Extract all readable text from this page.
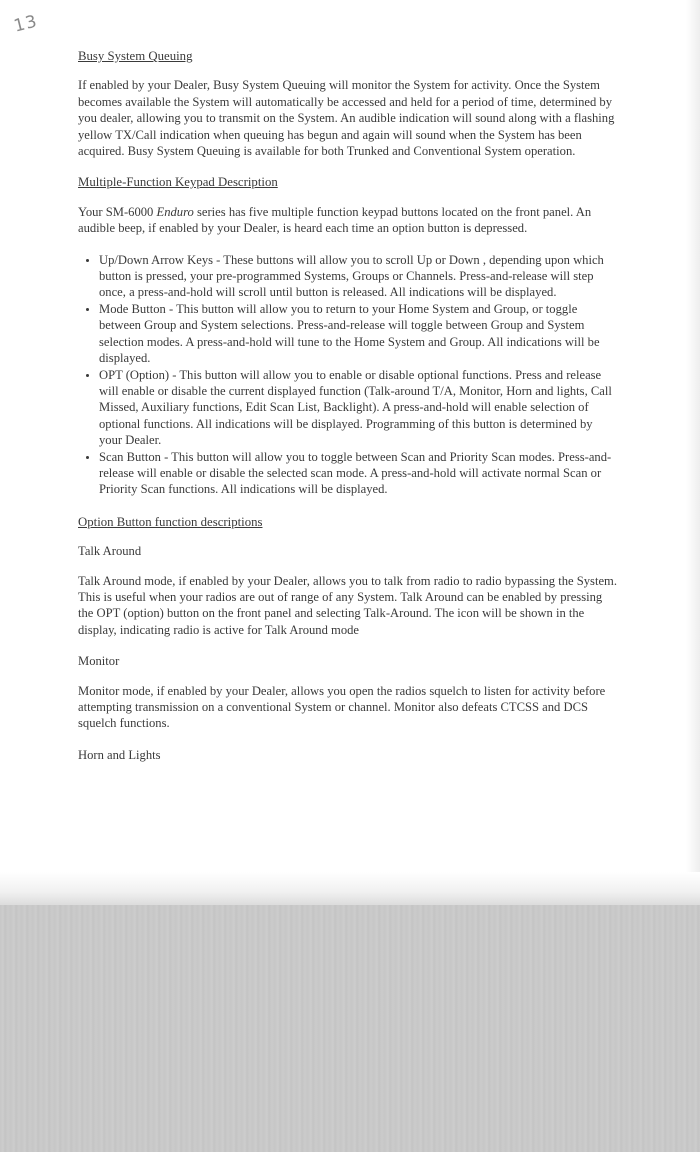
13
Busy System Queuing

If enabled by your Dealer, Busy System Queuing will monitor the System for activity. Once the System becomes available the System will automatically be accessed and held for a period of time, determined by you dealer, allowing you to transmit on the System. An audible indication will sound along with a flashing yellow TX/Call indication when queuing has begun and again will sound when the System has been acquired. Busy System Queuing is available for both Trunked and Conventional System operation.

Multiple-Function Keypad Description

Your SM-6000 Enduro series has five multiple function keypad buttons located on the front panel. An audible beep, if enabled by your Dealer, is heard each time an option button is depressed.

• Up/Down Arrow Keys - These buttons will allow you to scroll Up or Down , depending upon which button is pressed, your pre-programmed Systems, Groups or Channels. Press-and-release will step once, a press-and-hold will scroll until button is released. All indications will be displayed.
• Mode Button - This button will allow you to return to your Home System and Group, or toggle between Group and System selections. Press-and-release will toggle between Group and System selection modes. A press-and-hold will tune to the Home System and Group. All indications will be displayed.
• OPT (Option) - This button will allow you to enable or disable optional functions. Press and release will enable or disable the current displayed function (Talk-around T/A, Monitor, Horn and lights, Call Missed, Auxiliary functions, Edit Scan List, Backlight). A press-and-hold will enable selection of optional functions. All indications will be displayed. Programming of this button is determined by your Dealer.
• Scan Button - This button will allow you to toggle between Scan and Priority Scan modes. Press-and-release will enable or disable the selected scan mode. A press-and-hold will activate normal Scan or Priority Scan functions. All indications will be displayed.
Option Button function descriptions
Talk Around

Talk Around mode, if enabled by your Dealer, allows you to talk from radio to radio bypassing the System. This is useful when your radios are out of range of any System. Talk Around can be enabled by pressing the OPT (option) button on the front panel and selecting Talk-Around. The icon will be shown in the display, indicating radio is active for Talk Around mode

Monitor

Monitor mode, if enabled by your Dealer, allows you open the radios squelch to listen for activity before attempting transmission on a conventional System or channel. Monitor also defeats CTCSS and DCS squelch functions.

Horn and Lights
